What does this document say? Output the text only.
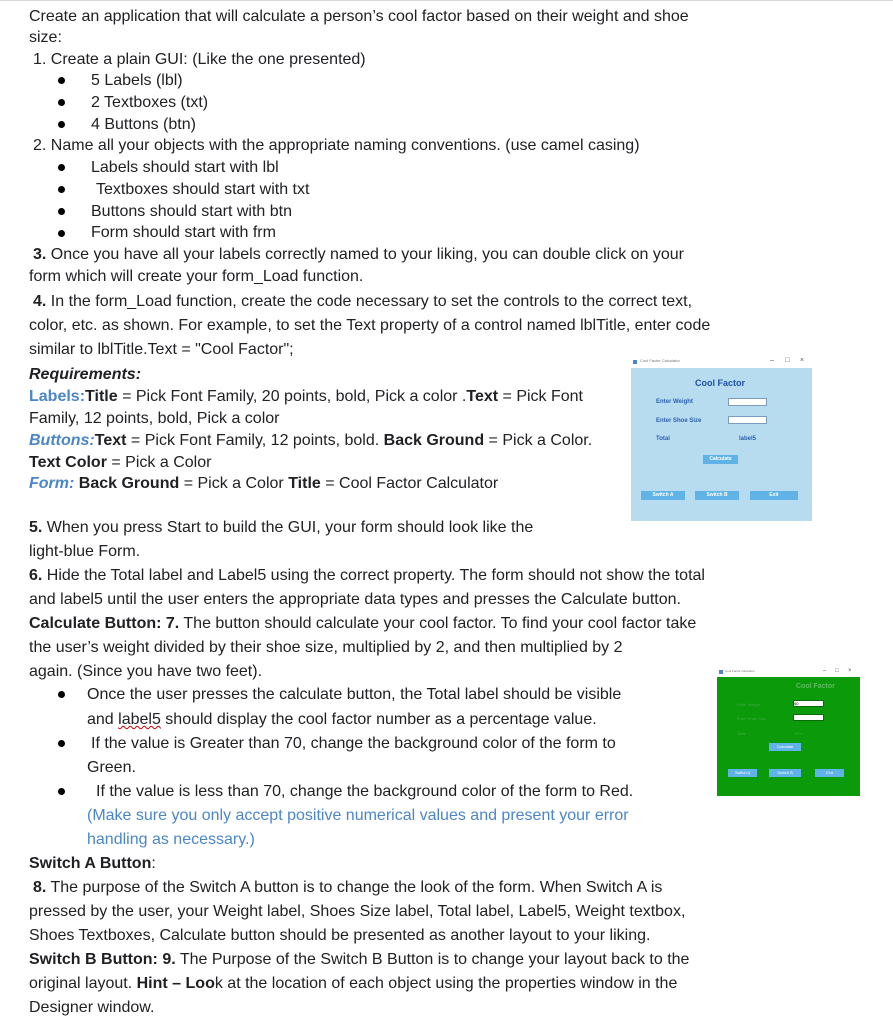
Create an application that will calculate a person’s cool factor based on their weight and shoe
size:
1. Create a plain GUI: (Like the one presented)
5 Labels (lbl)
2 Textboxes (txt)
4 Buttons (btn)
2. Name all your objects with the appropriate naming conventions. (use camel casing)
Labels should start with lbl
Textboxes should start with txt
Buttons should start with btn
Form should start with frm
3. Once you have all your labels correctly named to your liking, you can double click on your
form which will create your form_Load function.
4. In the form_Load function, create the code necessary to set the controls to the correct text,
color, etc. as shown. For example, to set the Text property of a control named lblTitle, enter code
similar to lblTitle.Text = "Cool Factor";
Requirements:
Labels:Title = Pick Font Family, 20 points, bold, Pick a color .Text = Pick Font
Family, 12 points, bold, Pick a color
Buttons:Text = Pick Font Family, 12 points, bold. Back Ground = Pick a Color.
Text Color = Pick a Color
Form: Back Ground = Pick a Color Title = Cool Factor Calculator
5. When you press Start to build the GUI, your form should look like the
light-blue Form.
6. Hide the Total label and Label5 using the correct property. The form should not show the total
and label5 until the user enters the appropriate data types and presses the Calculate button.
Calculate Button: 7. The button should calculate your cool factor. To find your cool factor take
the user’s weight divided by their shoe size, multiplied by 2, and then multiplied by 2
again. (Since you have two feet).
Once the user presses the calculate button, the Total label should be visible
and label5 should display the cool factor number as a percentage value.
If the value is Greater than 70, change the background color of the form to
Green.
If the value is less than 70, change the background color of the form to Red.
(Make sure you only accept positive numerical values and present your error
handling as necessary.)
Switch A Button:
8. The purpose of the Switch A button is to change the look of the form. When Switch A is
pressed by the user, your Weight label, Shoes Size label, Total label, Label5, Weight textbox,
Shoes Textboxes, Calculate button should be presented as another layout to your liking.
Switch B Button: 9. The Purpose of the Switch B Button is to change your layout back to the
original layout. Hint – Look at the location of each object using the properties window in the
Designer window.
Cool Factor Calculator	– □ ×
Cool Factor
Enter Weight
Enter Shoe Size
Total	label5
Calculate
Switch A	Switch B	Exit
Cool Factor Calculator	– □ ×
Cool Factor
Enter Weight	50
Enter Shoe Size
Total	80%
Calculate
Switch A	Switch B	Exit
